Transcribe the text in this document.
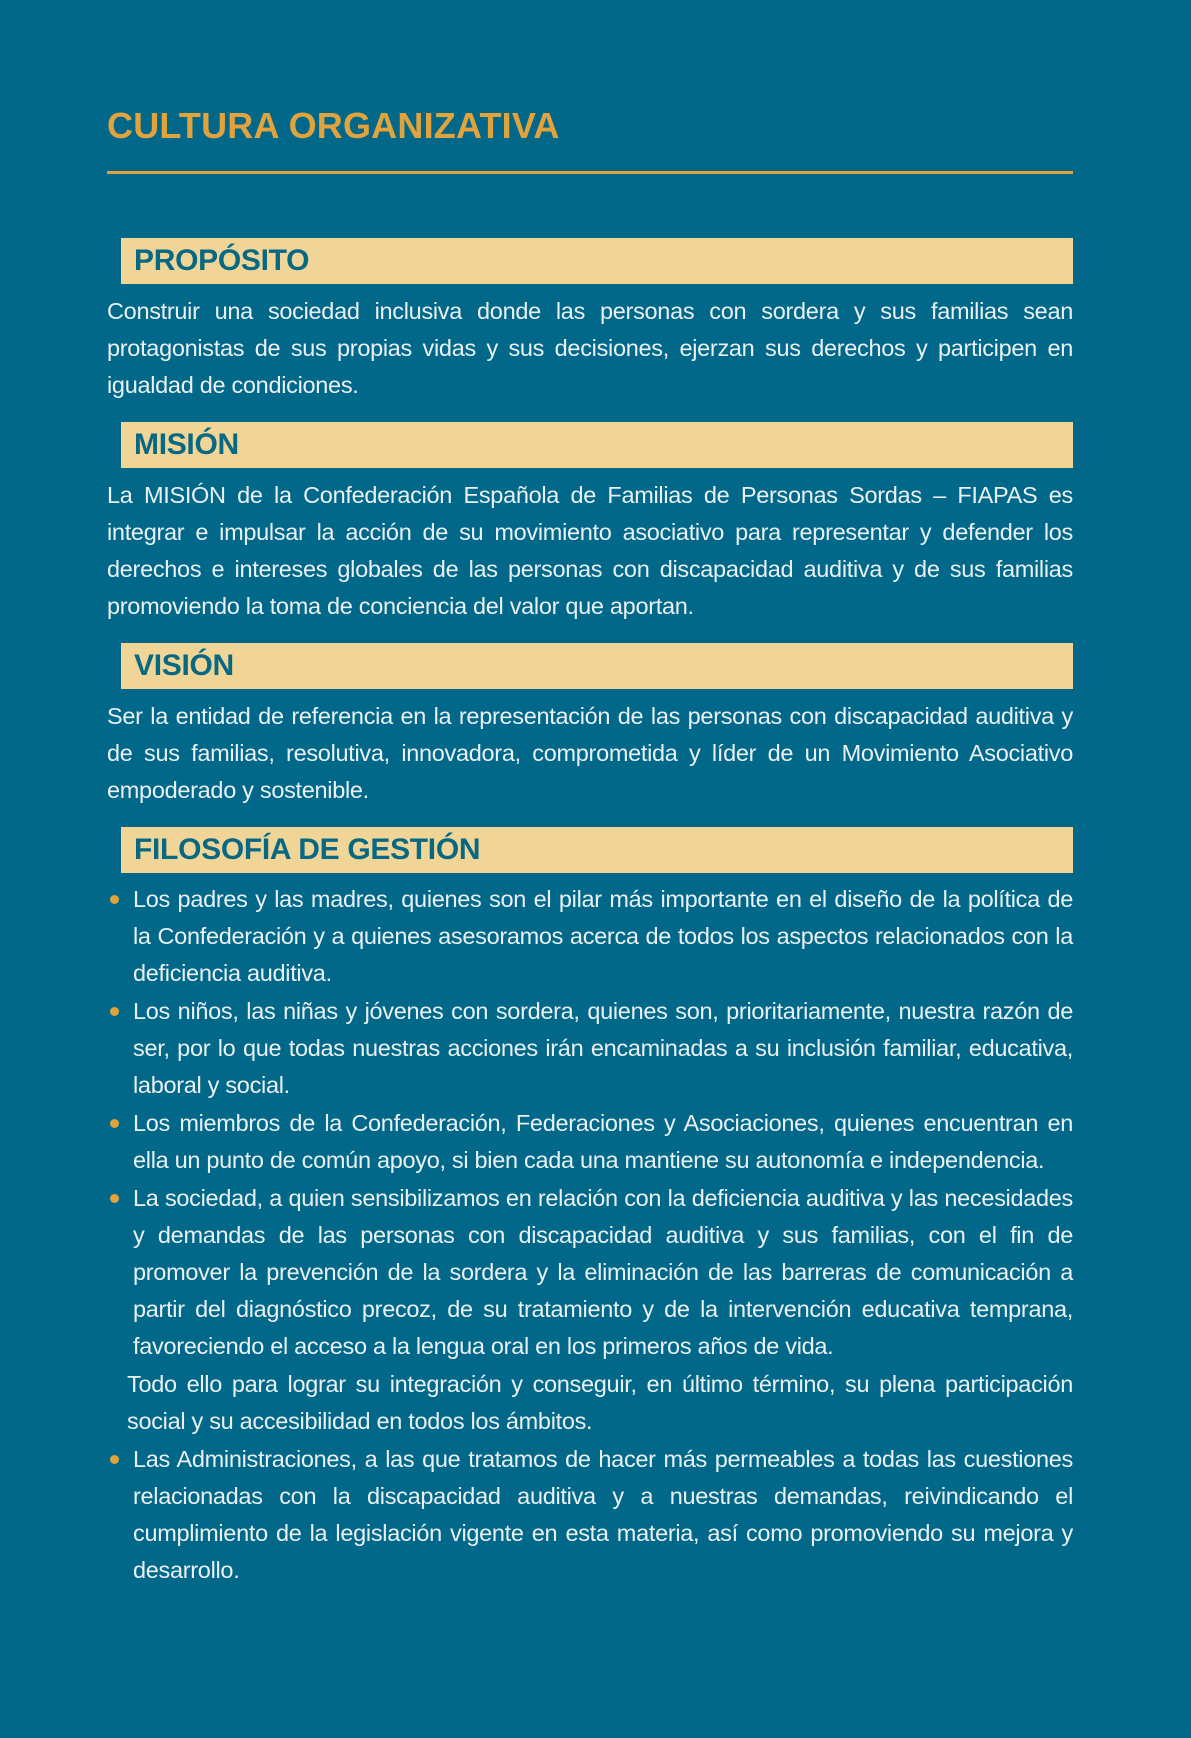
CULTURA ORGANIZATIVA
PROPÓSITO

Construir una sociedad inclusiva donde las personas con sordera y sus familias sean protagonistas de sus propias vidas y sus decisiones, ejerzan sus derechos y participen en igualdad de condiciones.

MISIÓN

La MISIÓN de la Confederación Española de Familias de Personas Sordas – FIAPAS es integrar e impulsar la acción de su movimiento asociativo para representar y defender los derechos e intereses globales de las personas con discapacidad auditiva y de sus familias promoviendo la toma de conciencia del valor que aportan.

VISIÓN

Ser la entidad de referencia en la representación de las personas con discapacidad auditiva y de sus familias, resolutiva, innovadora, comprometida y líder de un Movimiento Asociativo empoderado y sostenible.

FILOSOFÍA DE GESTIÓN
Los padres y las madres, quienes son el pilar más importante en el diseño de la política de la Confederación y a quienes asesoramos acerca de todos los aspectos relacionados con la deficiencia auditiva.
Los niños, las niñas y jóvenes con sordera, quienes son, prioritariamente, nuestra razón de ser, por lo que todas nuestras acciones irán encaminadas a su inclusión familiar, educativa, laboral y social.
Los miembros de la Confederación, Federaciones y Asociaciones, quienes encuentran en ella un punto de común apoyo, si bien cada una mantiene su autonomía e independencia.
La sociedad, a quien sensibilizamos en relación con la deficiencia auditiva y las necesidades y demandas de las personas con discapacidad auditiva y sus familias, con el fin de promover la prevención de la sordera y la eliminación de las barreras de comunicación a partir del diagnóstico precoz, de su tratamiento y de la intervención educativa temprana, favoreciendo el acceso a la lengua oral en los primeros años de vida.

Todo ello para lograr su integración y conseguir, en último término, su plena participación social y su accesibilidad en todos los ámbitos.

Las Administraciones, a las que tratamos de hacer más permeables a todas las cuestiones relacionadas con la discapacidad auditiva y a nuestras demandas, reivindicando el cumplimiento de la legislación vigente en esta materia, así como promoviendo su mejora y desarrollo.
